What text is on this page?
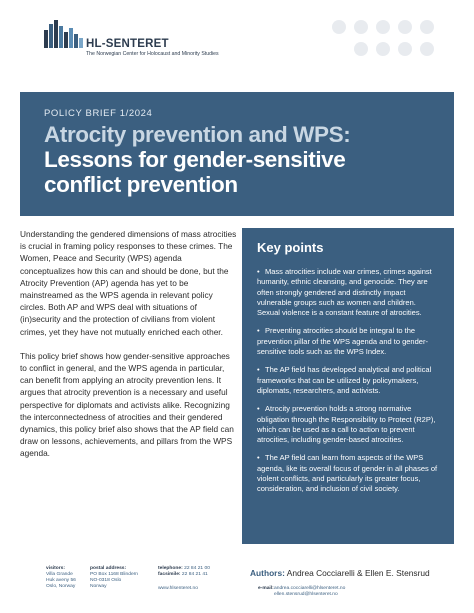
HL-SENTERET
The Norwegian Center for Holocaust and Minority Studies
POLICY BRIEF 1/2024
Atrocity prevention and WPS:
Lessons for gender-sensitive
conflict prevention

Understanding the gendered dimensions of mass atrocities is crucial in framing policy responses to these crimes. The Women, Peace and Security (WPS) agenda conceptualizes how this can and should be done, but the Atrocity Prevention (AP) agenda has yet to be mainstreamed as the WPS agenda in relevant policy circles. Both AP and WPS deal with situations of (in)security and the protection of civilians from violent crimes, yet they have not mutually enriched each other.

This policy brief shows how gender-sensitive approaches to conflict in general, and the WPS agenda in particular, can benefit from applying an atrocity prevention lens. It argues that atrocity prevention is a necessary and useful perspective for diplomats and activists alike. Recognizing the interconnectedness of atrocities and their gendered dynamics, this policy brief also shows that the AP field can draw on lessons, achievements, and pillars from the WPS agenda.

Key points
• Mass atrocities include war crimes, crimes against humanity, ethnic cleansing, and genocide. They are often strongly gendered and distinctly impact vulnerable groups such as women and children. Sexual violence is a constant feature of atrocities.
• Preventing atrocities should be integral to the prevention pillar of the WPS agenda and to gender-sensitive tools such as the WPS Index.
• The AP field has developed analytical and political frameworks that can be utilized by policymakers, diplomats, researchers, and activists.
• Atrocity prevention holds a strong normative obligation through the Responsibility to Protect (R2P), which can be used as a call to action to prevent atrocities, including gender-based atrocities.
• The AP field can learn from aspects of the WPS agenda, like its overall focus of gender in all phases of violent conflicts, and particularly its greater focus, consideration, and inclusion of civil society.
Authors: Andrea Cocciarelli & Ellen E. Stensrud
visitors:
Villa Grande
Huk aveny 56
Oslo, Norway
postal address:
PO Box 1168 Blindern
NO-0318 Oslo
Norway
telephone: 22 84 21 00
facsimile: 22 84 21 41
www.hlsenteret.no	e-mail: andrea.cocciarelli@hlsenteret.no
ellen.stensrud@hlsenteret.no
